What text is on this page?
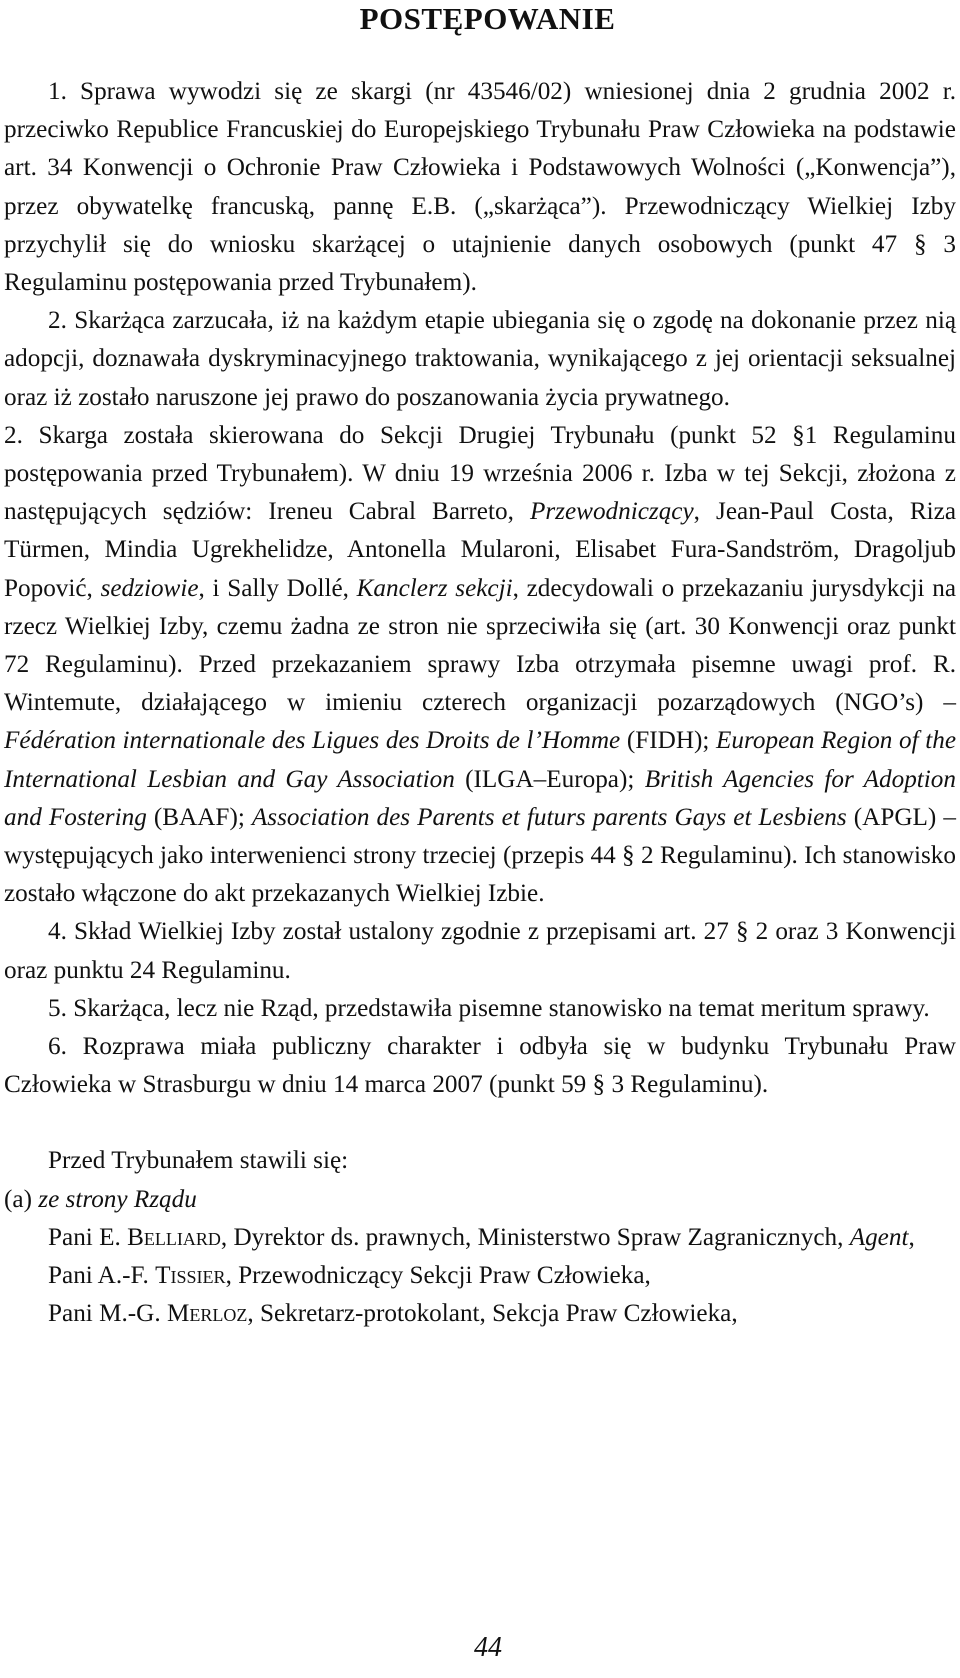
POSTĘPOWANIE

1. Sprawa wywodzi się ze skargi (nr 43546/02) wniesionej dnia 2 grudnia 2002 r. przeciwko Republice Francuskiej do Europejskiego Trybunału Praw Człowieka na podstawie art. 34 Konwencji o Ochronie Praw Człowieka i Podstawowych Wolności („Konwencja”), przez obywatelkę francuską, pannę E.B. („skarżąca”). Przewodniczący Wielkiej Izby przychylił się do wniosku skarżącej o utajnienie danych osobowych (punkt 47 § 3 Regulaminu postępowania przed Trybunałem).

2. Skarżąca zarzucała, iż na każdym etapie ubiegania się o zgodę na dokonanie przez nią adopcji, doznawała dyskryminacyjnego traktowania, wynikającego z jej orientacji seksualnej oraz iż zostało naruszone jej prawo do poszanowania życia prywatnego.

2. Skarga została skierowana do Sekcji Drugiej Trybunału (punkt 52 §1 Regulaminu postępowania przed Trybunałem). W dniu 19 września 2006 r. Izba w tej Sekcji, złożona z następujących sędziów: Ireneu Cabral Barreto, Przewodniczący, Jean-Paul Costa, Riza Türmen, Mindia Ugrekhelidze, Antonella Mularoni, Elisabet Fura-Sandström, Dragoljub Popović, sedziowie, i Sally Dollé, Kanclerz sekcji, zdecydowali o przekazaniu jurysdykcji na rzecz Wielkiej Izby, czemu żadna ze stron nie sprzeciwiła się (art. 30 Konwencji oraz punkt 72 Regulaminu). Przed przekazaniem sprawy Izba otrzymała pisemne uwagi prof. R. Wintemute, działającego w imieniu czterech organizacji pozarządowych (NGO’s) – Fédération internationale des Ligues des Droits de l’Homme (FIDH); European Region of the International Lesbian and Gay Association (ILGA–Europa); British Agencies for Adoption and Fostering (BAAF); Association des Parents et futurs parents Gays et Lesbiens (APGL) – występujących jako interwenienci strony trzeciej (przepis 44 § 2 Regulaminu). Ich stanowisko zostało włączone do akt przekazanych Wielkiej Izbie.

4. Skład Wielkiej Izby został ustalony zgodnie z przepisami art. 27 § 2 oraz 3 Konwencji oraz punktu 24 Regulaminu.

5. Skarżąca, lecz nie Rząd, przedstawiła pisemne stanowisko na temat meritum sprawy.

6. Rozprawa miała publiczny charakter i odbyła się w budynku Trybunału Praw Człowieka w Strasburgu w dniu 14 marca 2007 (punkt 59 § 3 Regulaminu).

Przed Trybunałem stawili się:

(a) ze strony Rządu

Pani E. Belliard, Dyrektor ds. prawnych, Ministerstwo Spraw Zagranicznych, Agent,

Pani A.-F. Tissier, Przewodniczący Sekcji Praw Człowieka,

Pani M.-G. Merloz, Sekretarz-protokolant, Sekcja Praw Człowieka,

44
